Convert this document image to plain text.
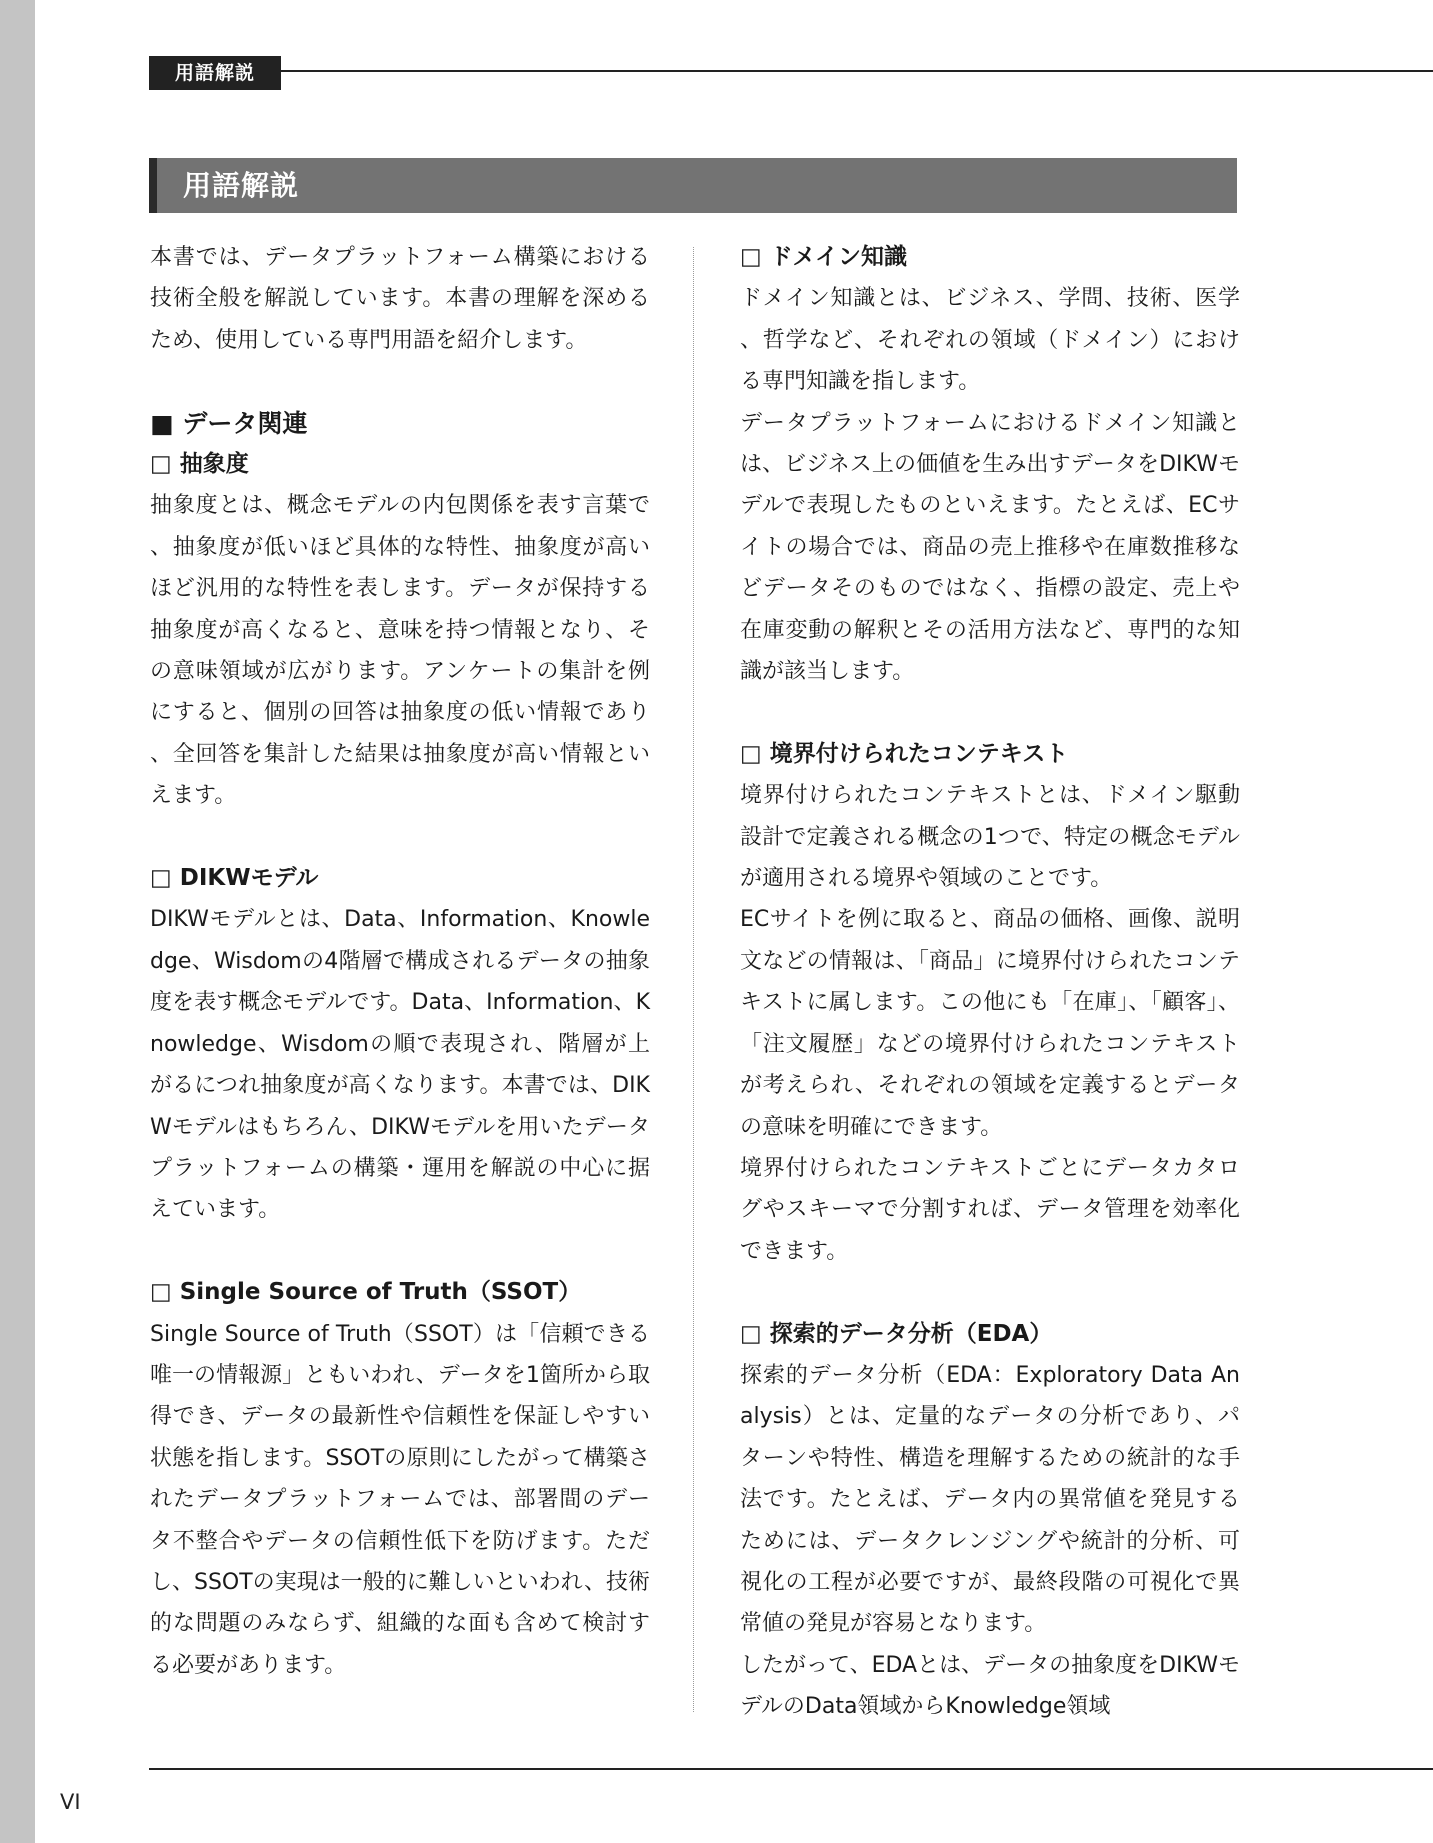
用語解説
用語解説

本書では、データプラットフォーム構築における技術全般を解説しています。本書の理解を深めるため、使用している専門用語を紹介します。

■ データ関連
□ 抽象度

抽象度とは、概念モデルの内包関係を表す言葉で、抽象度が低いほど具体的な特性、抽象度が高いほど汎用的な特性を表します。データが保持する抽象度が高くなると、意味を持つ情報となり、その意味領域が広がります。アンケートの集計を例にすると、個別の回答は抽象度の低い情報であり、全回答を集計した結果は抽象度が高い情報といえます。

□ DIKWモデル

DIKWモデルとは、Data、Information、Knowledge、Wisdomの4階層で構成されるデータの抽象度を表す概念モデルです。Data、Information、Knowledge、Wisdomの順で表現され、階層が上がるにつれ抽象度が高くなります。本書では、DIKWモデルはもちろん、DIKWモデルを用いたデータプラットフォームの構築・運用を解説の中心に据えています。

□ Single Source of Truth（SSOT）

Single Source of Truth（SSOT）は「信頼できる唯一の情報源」ともいわれ、データを1箇所から取得でき、データの最新性や信頼性を保証しやすい状態を指します。SSOTの原則にしたがって構築されたデータプラットフォームでは、部署間のデータ不整合やデータの信頼性低下を防げます。ただし、SSOTの実現は一般的に難しいといわれ、技術的な問題のみならず、組織的な面も含めて検討する必要があります。

□ ドメイン知識

ドメイン知識とは、ビジネス、学問、技術、医学、哲学など、それぞれの領域（ドメイン）における専門知識を指します。

データプラットフォームにおけるドメイン知識とは、ビジネス上の価値を生み出すデータをDIKWモデルで表現したものといえます。たとえば、ECサイトの場合では、商品の売上推移や在庫数推移などデータそのものではなく、指標の設定、売上や在庫変動の解釈とその活用方法など、専門的な知識が該当します。

□ 境界付けられたコンテキスト

境界付けられたコンテキストとは、ドメイン駆動設計で定義される概念の1つで、特定の概念モデルが適用される境界や領域のことです。

ECサイトを例に取ると、商品の価格、画像、説明文などの情報は、「商品」に境界付けられたコンテキストに属します。この他にも「在庫」、「顧客」、「注文履歴」などの境界付けられたコンテキストが考えられ、それぞれの領域を定義するとデータの意味を明確にできます。

境界付けられたコンテキストごとにデータカタログやスキーマで分割すれば、データ管理を効率化できます。

□ 探索的データ分析（EDA）

探索的データ分析（EDA：Exploratory Data Analysis）とは、定量的なデータの分析であり、パターンや特性、構造を理解するための統計的な手法です。たとえば、データ内の異常値を発見するためには、データクレンジングや統計的分析、可視化の工程が必要ですが、最終段階の可視化で異常値の発見が容易となります。

したがって、EDAとは、データの抽象度をDIKWモデルのData領域からKnowledge領域

VI
